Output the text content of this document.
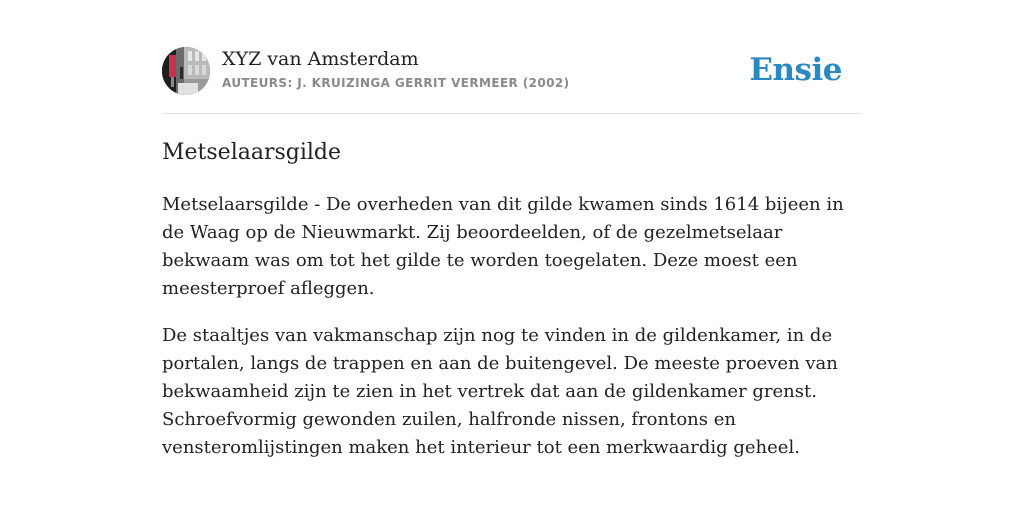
XYZ van Amsterdam
AUTEURS: J. KRUIZINGA GERRIT VERMEER (2002)	Ensie
Metselaarsgilde

Metselaarsgilde - De overheden van dit gilde kwamen sinds 1614 bijeen in de Waag op de Nieuwmarkt. Zij beoordeelden, of de gezelmetselaar bekwaam was om tot het gilde te worden toegelaten. Deze moest een meesterproef afleggen.

De staaltjes van vakmanschap zijn nog te vinden in de gildenkamer, in de portalen, langs de trappen en aan de buitengevel. De meeste proeven van bekwaamheid zijn te zien in het vertrek dat aan de gildenkamer grenst. Schroefvormig gewonden zuilen, halfronde nissen, frontons en vensteromlijstingen maken het interieur tot een merkwaardig geheel.
